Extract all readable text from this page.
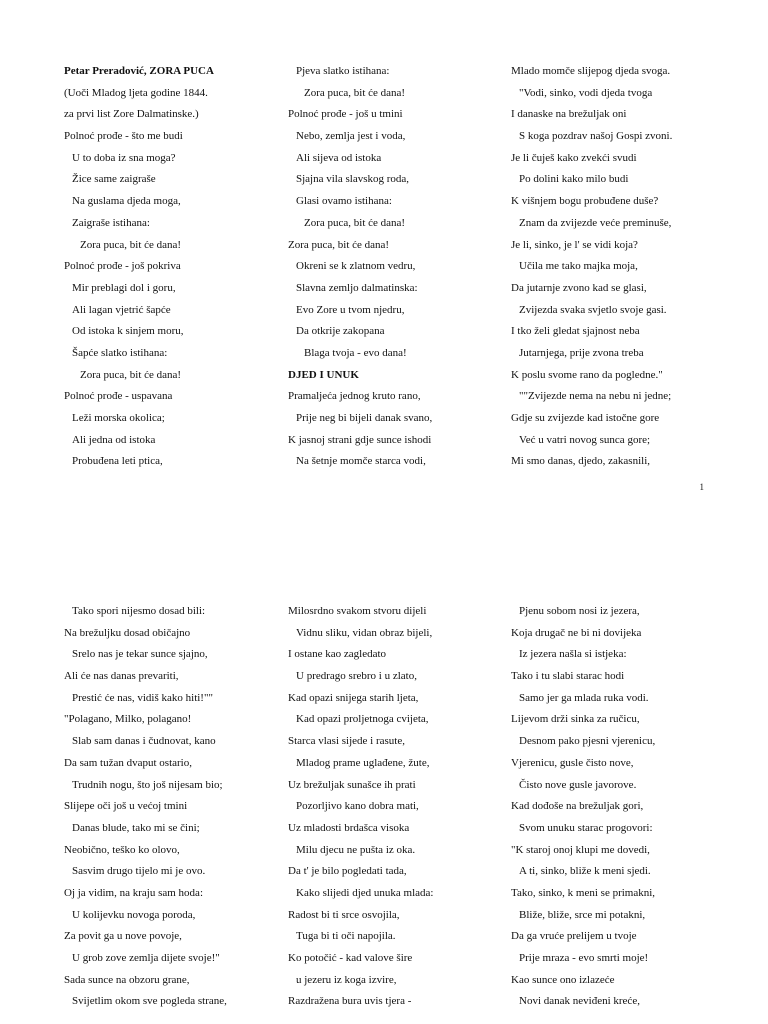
Petar Preradović, ZORA PUCA
(Uoči Mladog ljeta godine 1844.
za prvi list Zore Dalmatinske.)
Polnoć prođe - što me budi
U to doba iz sna moga?
Žice same zaigraše
Na guslama djeda moga,
Zaigraše istihana:
Zora puca, bit će dana!
Polnoć prođe - još pokriva
Mir preblagi dol i goru,
Ali lagan vjetrić šapće
Od istoka k sinjem moru,
Šapće slatko istihana:
Zora puca, bit će dana!
Polnoć prođe - uspavana
Leži morska okolica;
Ali jedna od istoka
Probuđena leti ptica,
Pjeva slatko istihana:
Zora puca, bit će dana!
Polnoć prođe - još u tmini
Nebo, zemlja jest i voda,
Ali sijeva od istoka
Sjajna vila slavskog roda,
Glasi ovamo istihana:
Zora puca, bit će dana!
Zora puca, bit će dana!
Okreni se k zlatnom vedru,
Slavna zemljo dalmatinska:
Evo Zore u tvom njedru,
Da otkrije zakopana
Blaga tvoja - evo dana!
DJED I UNUK
Pramaljeća jednog kruto rano,
Prije neg bi bijeli danak svano,
K jasnoj strani gdje sunce ishodi
Na šetnje momče starca vodi,
Mlado momče slijepog djeda svoga.
"Vodi, sinko, vodi djeda tvoga
I danaske na brežuljak oni
S koga pozdrav našoj Gospi zvoni.
Je li čuješ kako zvekći svudi
Po dolini kako milo budi
K višnjem bogu probuđene duše?
Znam da zvijezde veće preminuše,
Je li, sinko, je l' se vidi koja?
Učila me tako majka moja,
Da jutarnje zvono kad se glasi,
Zvijezda svaka svjetlo svoje gasi.
I tko želi gledat sjajnost neba
Jutarnjega, prije zvona treba
K poslu svome rano da pogledne."
""Zvijezde nema na nebu ni jedne;
Gdje su zvijezde kad istočne gore
Već u vatri novog sunca gore;
Mi smo danas, djedo, zakasnili,
1
Tako spori nijesmo dosad bili:
Na brežuljku dosad običajno
Srelo nas je tekar sunce sjajno,
Ali će nas danas prevariti,
Prestić će nas, vidiš kako hiti!""
"Polagano, Milko, polagano!
Slab sam danas i čudnovat, kano
Da sam tužan dvaput ostario,
Trudnih nogu, što još nijesam bio;
Slijepe oči još u većoj tmini
Danas blude, tako mi se čini;
Neobično, teško ko olovo,
Sasvim drugo tijelo mi je ovo.
Oj ja vidim, na kraju sam hoda:
U kolijevku novoga poroda,
Za povit ga u nove povoje,
U grob zove zemlja dijete svoje!"
Sada sunce na obzoru grane,
Svijetlim okom sve pogleda strane,
Milosrdno svakom stvoru dijeli
Vidnu sliku, vidan obraz bijeli,
I ostane kao zagledato
U predrago srebro i u zlato,
Kad opazi snijega starih ljeta,
Kad opazi proljetnoga cvijeta,
Starca vlasi sijede i rasute,
Mladog prame uglađene, žute,
Uz brežuljak sunašce ih prati
Pozorljivo kano dobra mati,
Uz mladosti brdašca visoka
Milu djecu ne pušta iz oka.
Da t' je bilo pogledati tada,
Kako slijedi djed unuka mlada:
Radost bi ti srce osvojila,
Tuga bi ti oči napojila.
Ko potočić - kad valove šire
u jezeru iz koga izvire,
Razdražena bura uvis tjera -
Pjenu sobom nosi iz jezera,
Koja drugač ne bi ni dovijeka
Iz jezera našla si istjeka:
Tako i tu slabi starac hodi
Samo jer ga mlada ruka vodi.
Lijevom drži sinka za ručicu,
Desnom pako pjesni vjerenicu,
Vjerenicu, gusle čisto nove,
Čisto nove gusle javorove.
Kad dođoše na brežuljak gori,
Svom unuku starac progovori:
"K staroj onoj klupi me dovedi,
A ti, sinko, bliže k meni sjedi.
Tako, sinko, k meni se primakni,
Bliže, bliže, srce mi potakni,
Da ga vruće prelijem u tvoje
Prije mraza - evo smrti moje!
Kao sunce ono izlazeće
Novi danak neviđeni kreće,
